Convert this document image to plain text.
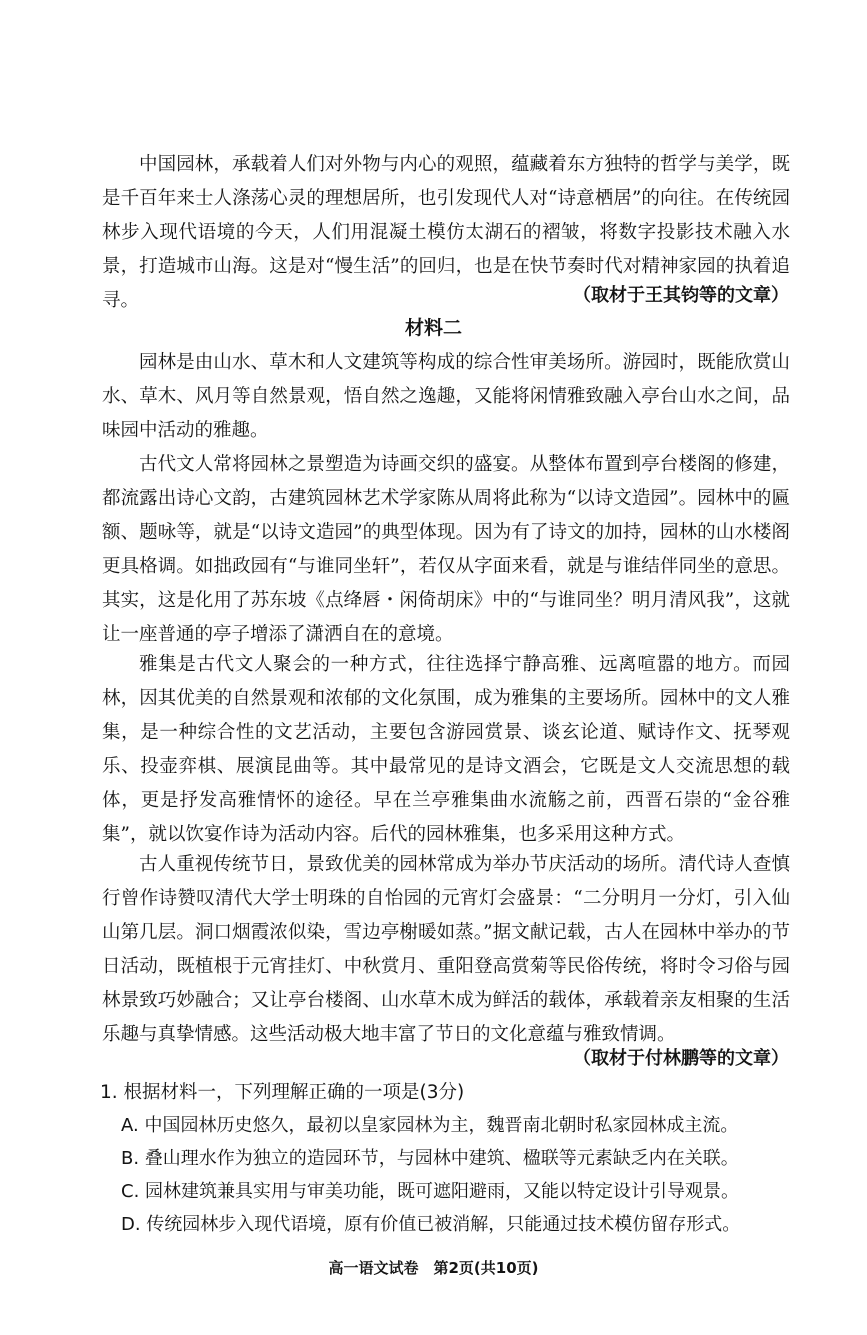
中国园林，承载着人们对外物与内心的观照，蕴藏着东方独特的哲学与美学，既是千百年来士人涤荡心灵的理想居所，也引发现代人对“诗意栖居”的向往。在传统园林步入现代语境的今天，人们用混凝土模仿太湖石的褶皱，将数字投影技术融入水景，打造城市山海。这是对“慢生活”的回归，也是在快节奏时代对精神家园的执着追寻。	（取材于王其钧等的文章）
材料二

园林是由山水、草木和人文建筑等构成的综合性审美场所。游园时，既能欣赏山水、草木、风月等自然景观，悟自然之逸趣，又能将闲情雅致融入亭台山水之间，品味园中活动的雅趣。

古代文人常将园林之景塑造为诗画交织的盛宴。从整体布置到亭台楼阁的修建，都流露出诗心文韵，古建筑园林艺术学家陈从周将此称为“以诗文造园”。园林中的匾额、题咏等，就是“以诗文造园”的典型体现。因为有了诗文的加持，园林的山水楼阁更具格调。如拙政园有“与谁同坐轩”，若仅从字面来看，就是与谁结伴同坐的意思。其实，这是化用了苏东坡《点绛唇・闲倚胡床》中的“与谁同坐？明月清风我”，这就让一座普通的亭子增添了潇洒自在的意境。

雅集是古代文人聚会的一种方式，往往选择宁静高雅、远离喧嚣的地方。而园林，因其优美的自然景观和浓郁的文化氛围，成为雅集的主要场所。园林中的文人雅集，是一种综合性的文艺活动，主要包含游园赏景、谈玄论道、赋诗作文、抚琴观乐、投壶弈棋、展演昆曲等。其中最常见的是诗文酒会，它既是文人交流思想的载体，更是抒发高雅情怀的途径。早在兰亭雅集曲水流觞之前，西晋石崇的“金谷雅集”，就以饮宴作诗为活动内容。后代的园林雅集，也多采用这种方式。

古人重视传统节日，景致优美的园林常成为举办节庆活动的场所。清代诗人查慎行曾作诗赞叹清代大学士明珠的自怡园的元宵灯会盛景：“二分明月一分灯，引入仙山第几层。洞口烟霞浓似染，雪边亭榭暖如蒸。”据文献记载，古人在园林中举办的节日活动，既植根于元宵挂灯、中秋赏月、重阳登高赏菊等民俗传统，将时令习俗与园林景致巧妙融合；又让亭台楼阁、山水草木成为鲜活的载体，承载着亲友相聚的生活乐趣与真挚情感。这些活动极大地丰富了节日的文化意蕴与雅致情调。

（取材于付林鹏等的文章）
1. 根据材料一，下列理解正确的一项是(3分)
A. 中国园林历史悠久，最初以皇家园林为主，魏晋南北朝时私家园林成主流。
B. 叠山理水作为独立的造园环节，与园林中建筑、楹联等元素缺乏内在关联。
C. 园林建筑兼具实用与审美功能，既可遮阳避雨，又能以特定设计引导观景。
D. 传统园林步入现代语境，原有价值已被消解，只能通过技术模仿留存形式。
高一语文试卷　第2页(共10页)
